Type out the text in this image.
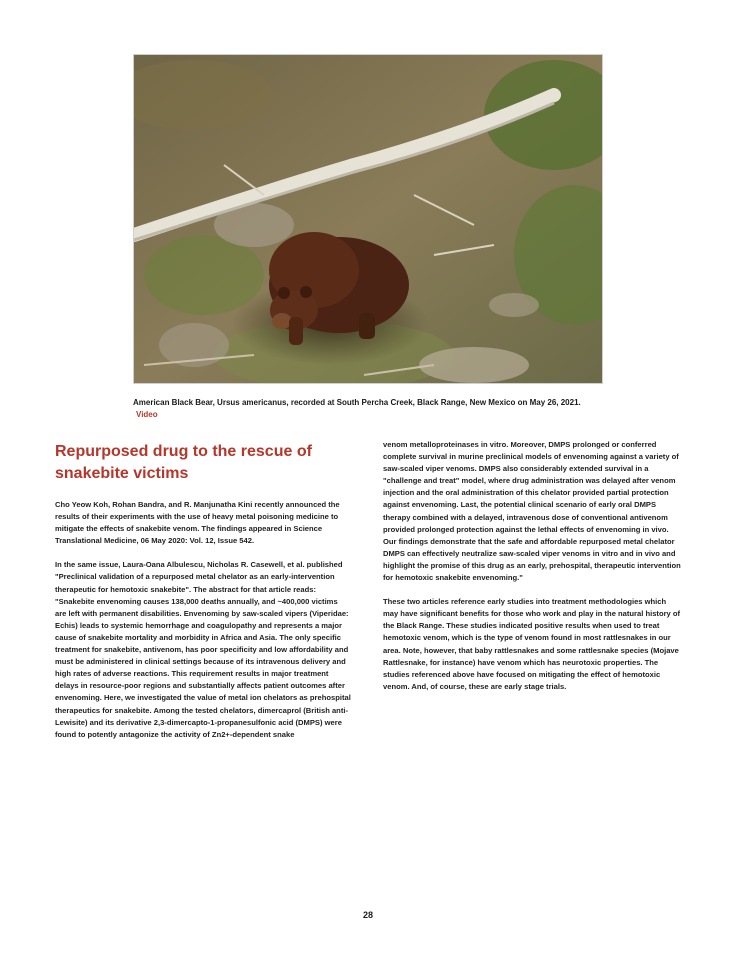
American Black Bear, Ursus americanus, recorded at South Percha Creek, Black Range, New Mexico on May 26, 2021. Video
Repurposed drug to the rescue of snakebite victims

Cho Yeow Koh, Rohan Bandra, and R. Manjunatha Kini recently announced the results of their experiments with the use of heavy metal poisoning medicine to mitigate the effects of snakebite venom. The findings appeared in Science Translational Medicine, 06 May 2020: Vol. 12, Issue 542.

In the same issue, Laura-Oana Albulescu, Nicholas R. Casewell, et al. published "Preclinical validation of a repurposed metal chelator as an early-intervention therapeutic for hemotoxic snakebite". The abstract for that article reads: "Snakebite envenoming causes 138,000 deaths annually, and ~400,000 victims are left with permanent disabilities. Envenoming by saw-scaled vipers (Viperidae: Echis) leads to systemic hemorrhage and coagulopathy and represents a major cause of snakebite mortality and morbidity in Africa and Asia. The only specific treatment for snakebite, antivenom, has poor specificity and low affordability and must be administered in clinical settings because of its intravenous delivery and high rates of adverse reactions. This requirement results in major treatment delays in resource-poor regions and substantially affects patient outcomes after envenoming. Here, we investigated the value of metal ion chelators as prehospital therapeutics for snakebite. Among the tested chelators, dimercaprol (British anti-Lewisite) and its derivative 2,3-dimercapto-1-propanesulfonic acid (DMPS) were found to potently antagonize the activity of Zn2+-dependent snake

venom metalloproteinases in vitro. Moreover, DMPS prolonged or conferred complete survival in murine preclinical models of envenoming against a variety of saw-scaled viper venoms. DMPS also considerably extended survival in a "challenge and treat" model, where drug administration was delayed after venom injection and the oral administration of this chelator provided partial protection against envenoming. Last, the potential clinical scenario of early oral DMPS therapy combined with a delayed, intravenous dose of conventional antivenom provided prolonged protection against the lethal effects of envenoming in vivo. Our findings demonstrate that the safe and affordable repurposed metal chelator DMPS can effectively neutralize saw-scaled viper venoms in vitro and in vivo and highlight the promise of this drug as an early, prehospital, therapeutic intervention for hemotoxic snakebite envenoming."

These two articles reference early studies into treatment methodologies which may have significant benefits for those who work and play in the natural history of the Black Range. These studies indicated positive results when used to treat hemotoxic venom, which is the type of venom found in most rattlesnakes in our area. Note, however, that baby rattlesnakes and some rattlesnake species (Mojave Rattlesnake, for instance) have venom which has neurotoxic properties. The studies referenced above have focused on mitigating the effect of hemotoxic venom. And, of course, these are early stage trials.

28
